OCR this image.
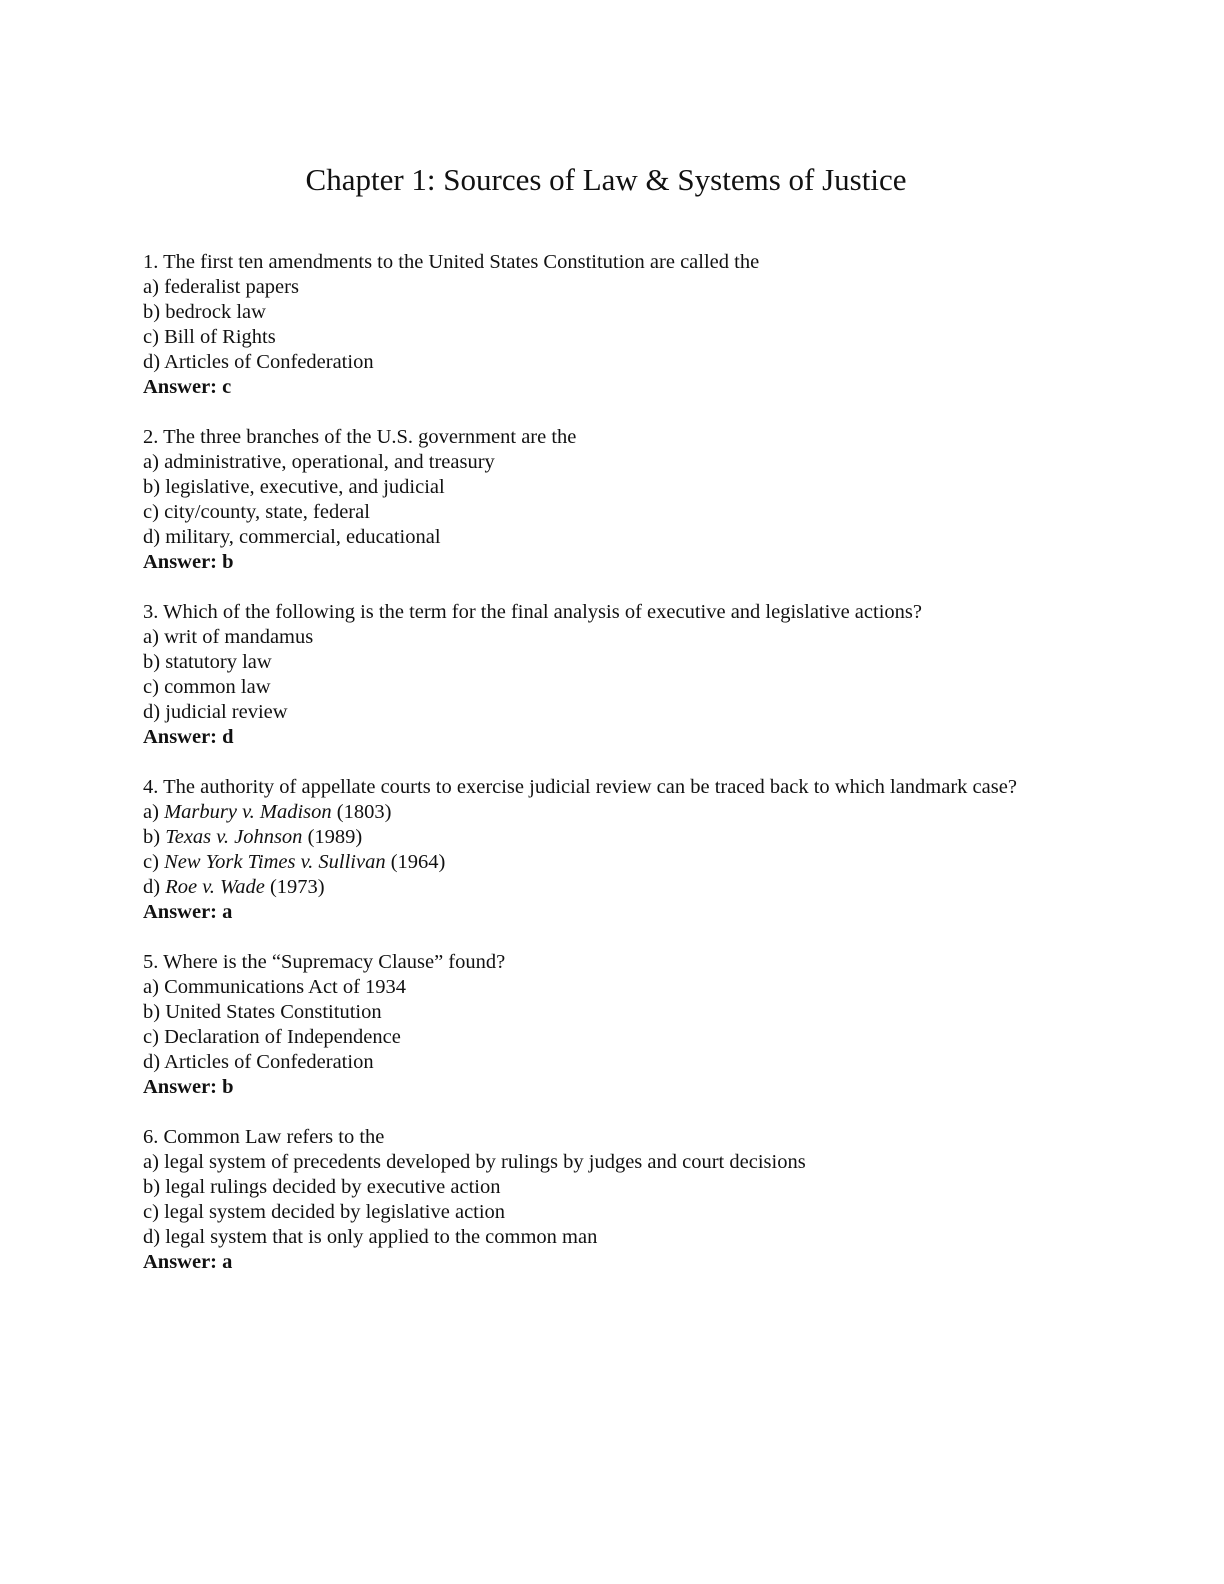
Chapter 1: Sources of Law & Systems of Justice
1. The first ten amendments to the United States Constitution are called the
a) federalist papers
b) bedrock law
c) Bill of Rights
d) Articles of Confederation
Answer: c
2. The three branches of the U.S. government are the
a) administrative, operational, and treasury
b) legislative, executive, and judicial
c) city/county, state, federal
d) military, commercial, educational
Answer: b
3. Which of the following is the term for the final analysis of executive and legislative actions?
a) writ of mandamus
b) statutory law
c) common law
d) judicial review
Answer: d
4. The authority of appellate courts to exercise judicial review can be traced back to which landmark case?
a) Marbury v. Madison (1803)
b) Texas v. Johnson (1989)
c) New York Times v. Sullivan (1964)
d) Roe v. Wade (1973)
Answer: a
5. Where is the “Supremacy Clause” found?
a) Communications Act of 1934
b) United States Constitution
c) Declaration of Independence
d) Articles of Confederation
Answer: b
6. Common Law refers to the
a) legal system of precedents developed by rulings by judges and court decisions
b) legal rulings decided by executive action
c) legal system decided by legislative action
d) legal system that is only applied to the common man
Answer: a
